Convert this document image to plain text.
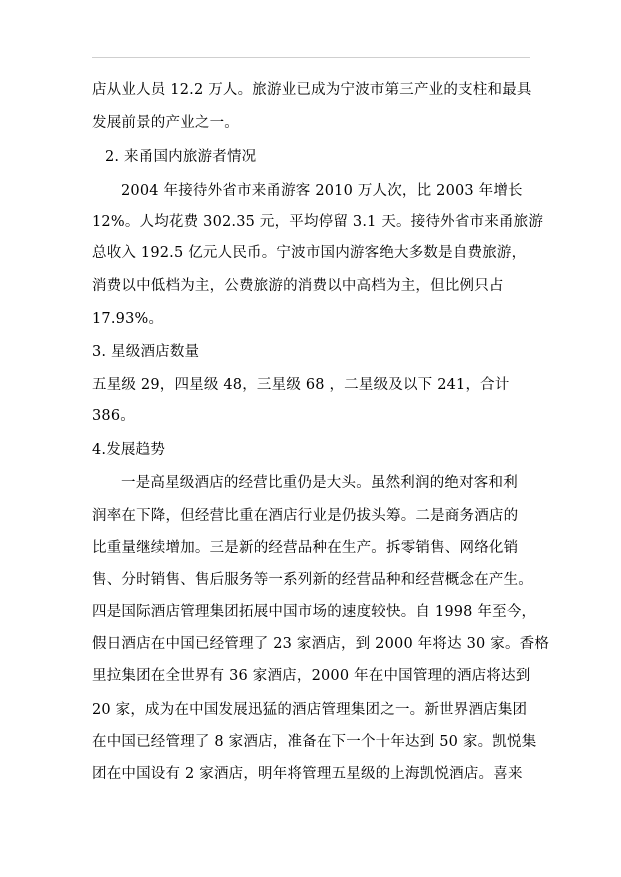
店从业人员 12.2 万人。旅游业已成为宁波市第三产业的支柱和最具
发展前景的产业之一。
2. 来甬国内旅游者情况
2004 年接待外省市来甬游客 2010 万人次，比 2003 年增长
12%。人均花费 302.35 元，平均停留 3.1 天。接待外省市来甬旅游
总收入 192.5 亿元人民币。宁波市国内游客绝大多数是自费旅游，
消费以中低档为主，公费旅游的消费以中高档为主，但比例只占
17.93%。
3. 星级酒店数量
五星级 29，四星级 48，三星级 68 ，二星级及以下 241，合计
386。
4.发展趋势
一是高星级酒店的经营比重仍是大头。虽然利润的绝对客和利
润率在下降，但经营比重在酒店行业是仍拔头筹。二是商务酒店的
比重量继续增加。三是新的经营品种在生产。拆零销售、网络化销
售、分时销售、售后服务等一系列新的经营品种和经营概念在产生。
四是国际酒店管理集团拓展中国市场的速度较快。自 1998 年至今，
假日酒店在中国已经管理了 23 家酒店，到 2000 年将达 30 家。香格
里拉集团在全世界有 36 家酒店，2000 年在中国管理的酒店将达到
20 家，成为在中国发展迅猛的酒店管理集团之一。新世界酒店集团
在中国已经管理了 8 家酒店，准备在下一个十年达到 50 家。凯悦集
团在中国设有 2 家酒店，明年将管理五星级的上海凯悦酒店。喜来
